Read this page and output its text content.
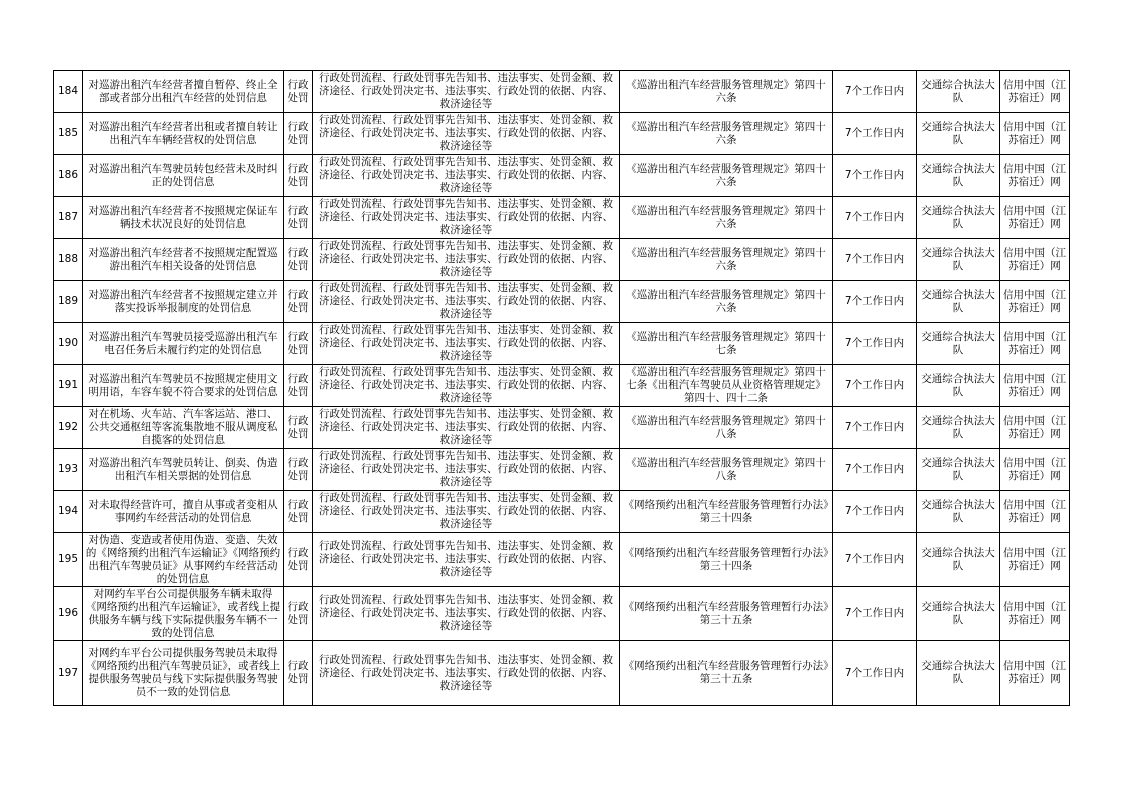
184	对巡游出租汽车经营者擅自暂停、终止全部或者部分出租汽车经营的处罚信息	行政处罚	行政处罚流程、行政处罚事先告知书、违法事实、处罚金额、救济途径、行政处罚决定书、违法事实、行政处罚的依据、内容、救济途径等	《巡游出租汽车经营服务管理规定》第四十六条	7个工作日内	交通综合执法大队	信用中国（江苏宿迁）网
185	对巡游出租汽车经营者出租或者擅自转让出租汽车车辆经营权的处罚信息	行政处罚	行政处罚流程、行政处罚事先告知书、违法事实、处罚金额、救济途径、行政处罚决定书、违法事实、行政处罚的依据、内容、救济途径等	《巡游出租汽车经营服务管理规定》第四十六条	7个工作日内	交通综合执法大队	信用中国（江苏宿迁）网
186	对巡游出租汽车驾驶员转包经营未及时纠正的处罚信息	行政处罚	行政处罚流程、行政处罚事先告知书、违法事实、处罚金额、救济途径、行政处罚决定书、违法事实、行政处罚的依据、内容、救济途径等	《巡游出租汽车经营服务管理规定》第四十六条	7个工作日内	交通综合执法大队	信用中国（江苏宿迁）网
187	对巡游出租汽车经营者不按照规定保证车辆技术状况良好的处罚信息	行政处罚	行政处罚流程、行政处罚事先告知书、违法事实、处罚金额、救济途径、行政处罚决定书、违法事实、行政处罚的依据、内容、救济途径等	《巡游出租汽车经营服务管理规定》第四十六条	7个工作日内	交通综合执法大队	信用中国（江苏宿迁）网
188	对巡游出租汽车经营者不按照规定配置巡游出租汽车相关设备的处罚信息	行政处罚	行政处罚流程、行政处罚事先告知书、违法事实、处罚金额、救济途径、行政处罚决定书、违法事实、行政处罚的依据、内容、救济途径等	《巡游出租汽车经营服务管理规定》第四十六条	7个工作日内	交通综合执法大队	信用中国（江苏宿迁）网
189	对巡游出租汽车经营者不按照规定建立并落实投诉举报制度的处罚信息	行政处罚	行政处罚流程、行政处罚事先告知书、违法事实、处罚金额、救济途径、行政处罚决定书、违法事实、行政处罚的依据、内容、救济途径等	《巡游出租汽车经营服务管理规定》第四十六条	7个工作日内	交通综合执法大队	信用中国（江苏宿迁）网
190	对巡游出租汽车驾驶员接受巡游出租汽车电召任务后未履行约定的处罚信息	行政处罚	行政处罚流程、行政处罚事先告知书、违法事实、处罚金额、救济途径、行政处罚决定书、违法事实、行政处罚的依据、内容、救济途径等	《巡游出租汽车经营服务管理规定》第四十七条	7个工作日内	交通综合执法大队	信用中国（江苏宿迁）网
191	对巡游出租汽车驾驶员不按照规定使用文明用语，车容车貌不符合要求的处罚信息	行政处罚	行政处罚流程、行政处罚事先告知书、违法事实、处罚金额、救济途径、行政处罚决定书、违法事实、行政处罚的依据、内容、救济途径等	《巡游出租汽车经营服务管理规定》第四十七条《出租汽车驾驶员从业资格管理规定》第四十、四十二条	7个工作日内	交通综合执法大队	信用中国（江苏宿迁）网
192	对在机场、火车站、汽车客运站、港口、公共交通枢纽等客流集散地不服从调度私自揽客的处罚信息	行政处罚	行政处罚流程、行政处罚事先告知书、违法事实、处罚金额、救济途径、行政处罚决定书、违法事实、行政处罚的依据、内容、救济途径等	《巡游出租汽车经营服务管理规定》第四十八条	7个工作日内	交通综合执法大队	信用中国（江苏宿迁）网
193	对巡游出租汽车驾驶员转让、倒卖、伪造出租汽车相关票据的处罚信息	行政处罚	行政处罚流程、行政处罚事先告知书、违法事实、处罚金额、救济途径、行政处罚决定书、违法事实、行政处罚的依据、内容、救济途径等	《巡游出租汽车经营服务管理规定》第四十八条	7个工作日内	交通综合执法大队	信用中国（江苏宿迁）网
194	对未取得经营许可，擅自从事或者变相从事网约车经营活动的处罚信息	行政处罚	行政处罚流程、行政处罚事先告知书、违法事实、处罚金额、救济途径、行政处罚决定书、违法事实、行政处罚的依据、内容、救济途径等	《网络预约出租汽车经营服务管理暂行办法》第三十四条	7个工作日内	交通综合执法大队	信用中国（江苏宿迁）网
195	对伪造、变造或者使用伪造、变造、失效的《网络预约出租汽车运输证》《网络预约出租汽车驾驶员证》从事网约车经营活动的处罚信息	行政处罚	行政处罚流程、行政处罚事先告知书、违法事实、处罚金额、救济途径、行政处罚决定书、违法事实、行政处罚的依据、内容、救济途径等	《网络预约出租汽车经营服务管理暂行办法》第三十四条	7个工作日内	交通综合执法大队	信用中国（江苏宿迁）网
196	对网约车平台公司提供服务车辆未取得《网络预约出租汽车运输证》，或者线上提供服务车辆与线下实际提供服务车辆不一致的处罚信息	行政处罚	行政处罚流程、行政处罚事先告知书、违法事实、处罚金额、救济途径、行政处罚决定书、违法事实、行政处罚的依据、内容、救济途径等	《网络预约出租汽车经营服务管理暂行办法》第三十五条	7个工作日内	交通综合执法大队	信用中国（江苏宿迁）网
197	对网约车平台公司提供服务驾驶员未取得《网络预约出租汽车驾驶员证》，或者线上提供服务驾驶员与线下实际提供服务驾驶员不一致的处罚信息	行政处罚	行政处罚流程、行政处罚事先告知书、违法事实、处罚金额、救济途径、行政处罚决定书、违法事实、行政处罚的依据、内容、救济途径等	《网络预约出租汽车经营服务管理暂行办法》第三十五条	7个工作日内	交通综合执法大队	信用中国（江苏宿迁）网
